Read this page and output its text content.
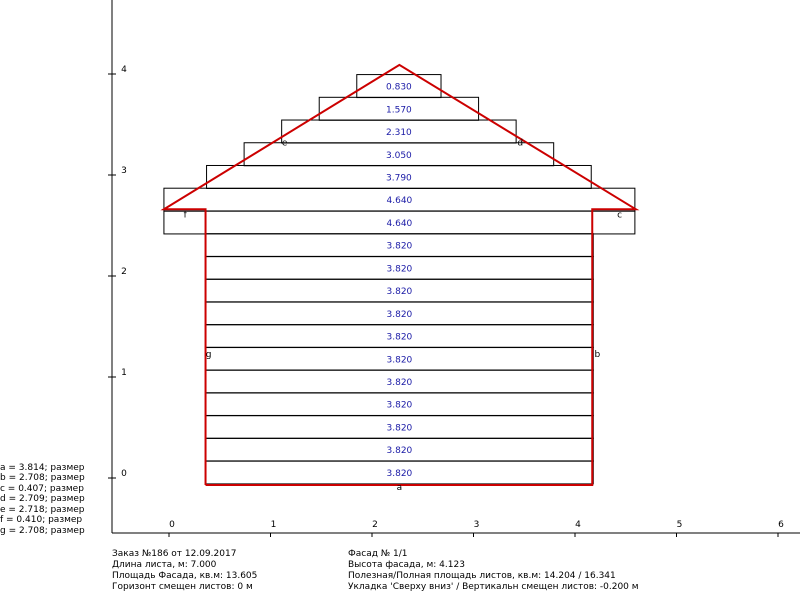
0	1	2	3	4	5	6
0
1
2
3
4
0.830
1.570
2.310
3.050
3.790
4.640
4.640
3.820
3.820
3.820
3.820
3.820
3.820
3.820
3.820
3.820
3.820
3.820
a
b
c
d
e
f
g
a = 3.814; размер
b = 2.708; размер
c = 0.407; размер
d = 2.709; размер
e = 2.718; размер
f = 0.410; размер
g = 2.708; размер
Заказ №186 от 12.09.2017
Длина листа, м: 7.000
Площадь Фасада, кв.м: 13.605
Горизонт смещен листов: 0 м
Фасад № 1/1
Высота фасада, м: 4.123
Полезная/Полная площадь листов, кв.м: 14.204 / 16.341
Укладка 'Сверху вниз' / Вертикальн смещен листов: -0.200 м
